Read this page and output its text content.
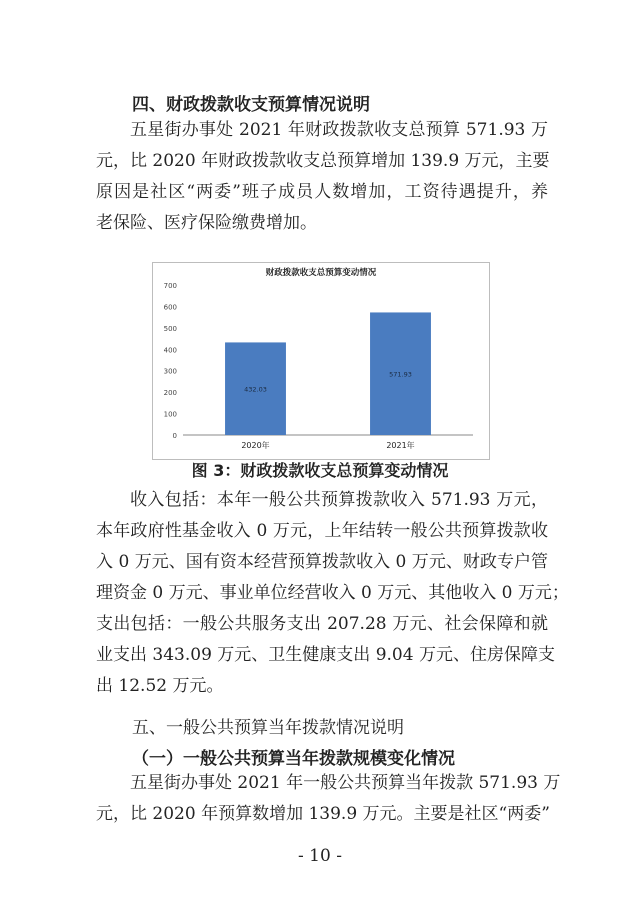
四、财政拨款收支预算情况说明
五星街办事处 2021 年财政拨款收支总预算 571.93 万
元，比 2020 年财政拨款收支总预算增加 139.9 万元，主要
原因是社区“两委”班子成员人数增加，工资待遇提升，养
老保险、医疗保险缴费增加。
财政拨款收支总预算变动情况
0
100
200
300
400
500
600
700
432.03
2020年
571.93
2021年
图 3：财政拨款收支总预算变动情况
收入包括：本年一般公共预算拨款收入 571.93 万元，
本年政府性基金收入 0 万元，上年结转一般公共预算拨款收
入 0 万元、国有资本经营预算拨款收入 0 万元、财政专户管
理资金 0 万元、事业单位经营收入 0 万元、其他收入 0 万元；
支出包括：一般公共服务支出 207.28 万元、社会保障和就
业支出 343.09 万元、卫生健康支出 9.04 万元、住房保障支
出 12.52 万元。
五、一般公共预算当年拨款情况说明
（一）一般公共预算当年拨款规模变化情况
五星街办事处 2021 年一般公共预算当年拨款 571.93 万
元，比 2020 年预算数增加 139.9 万元。主要是社区“两委”
- 10 -
